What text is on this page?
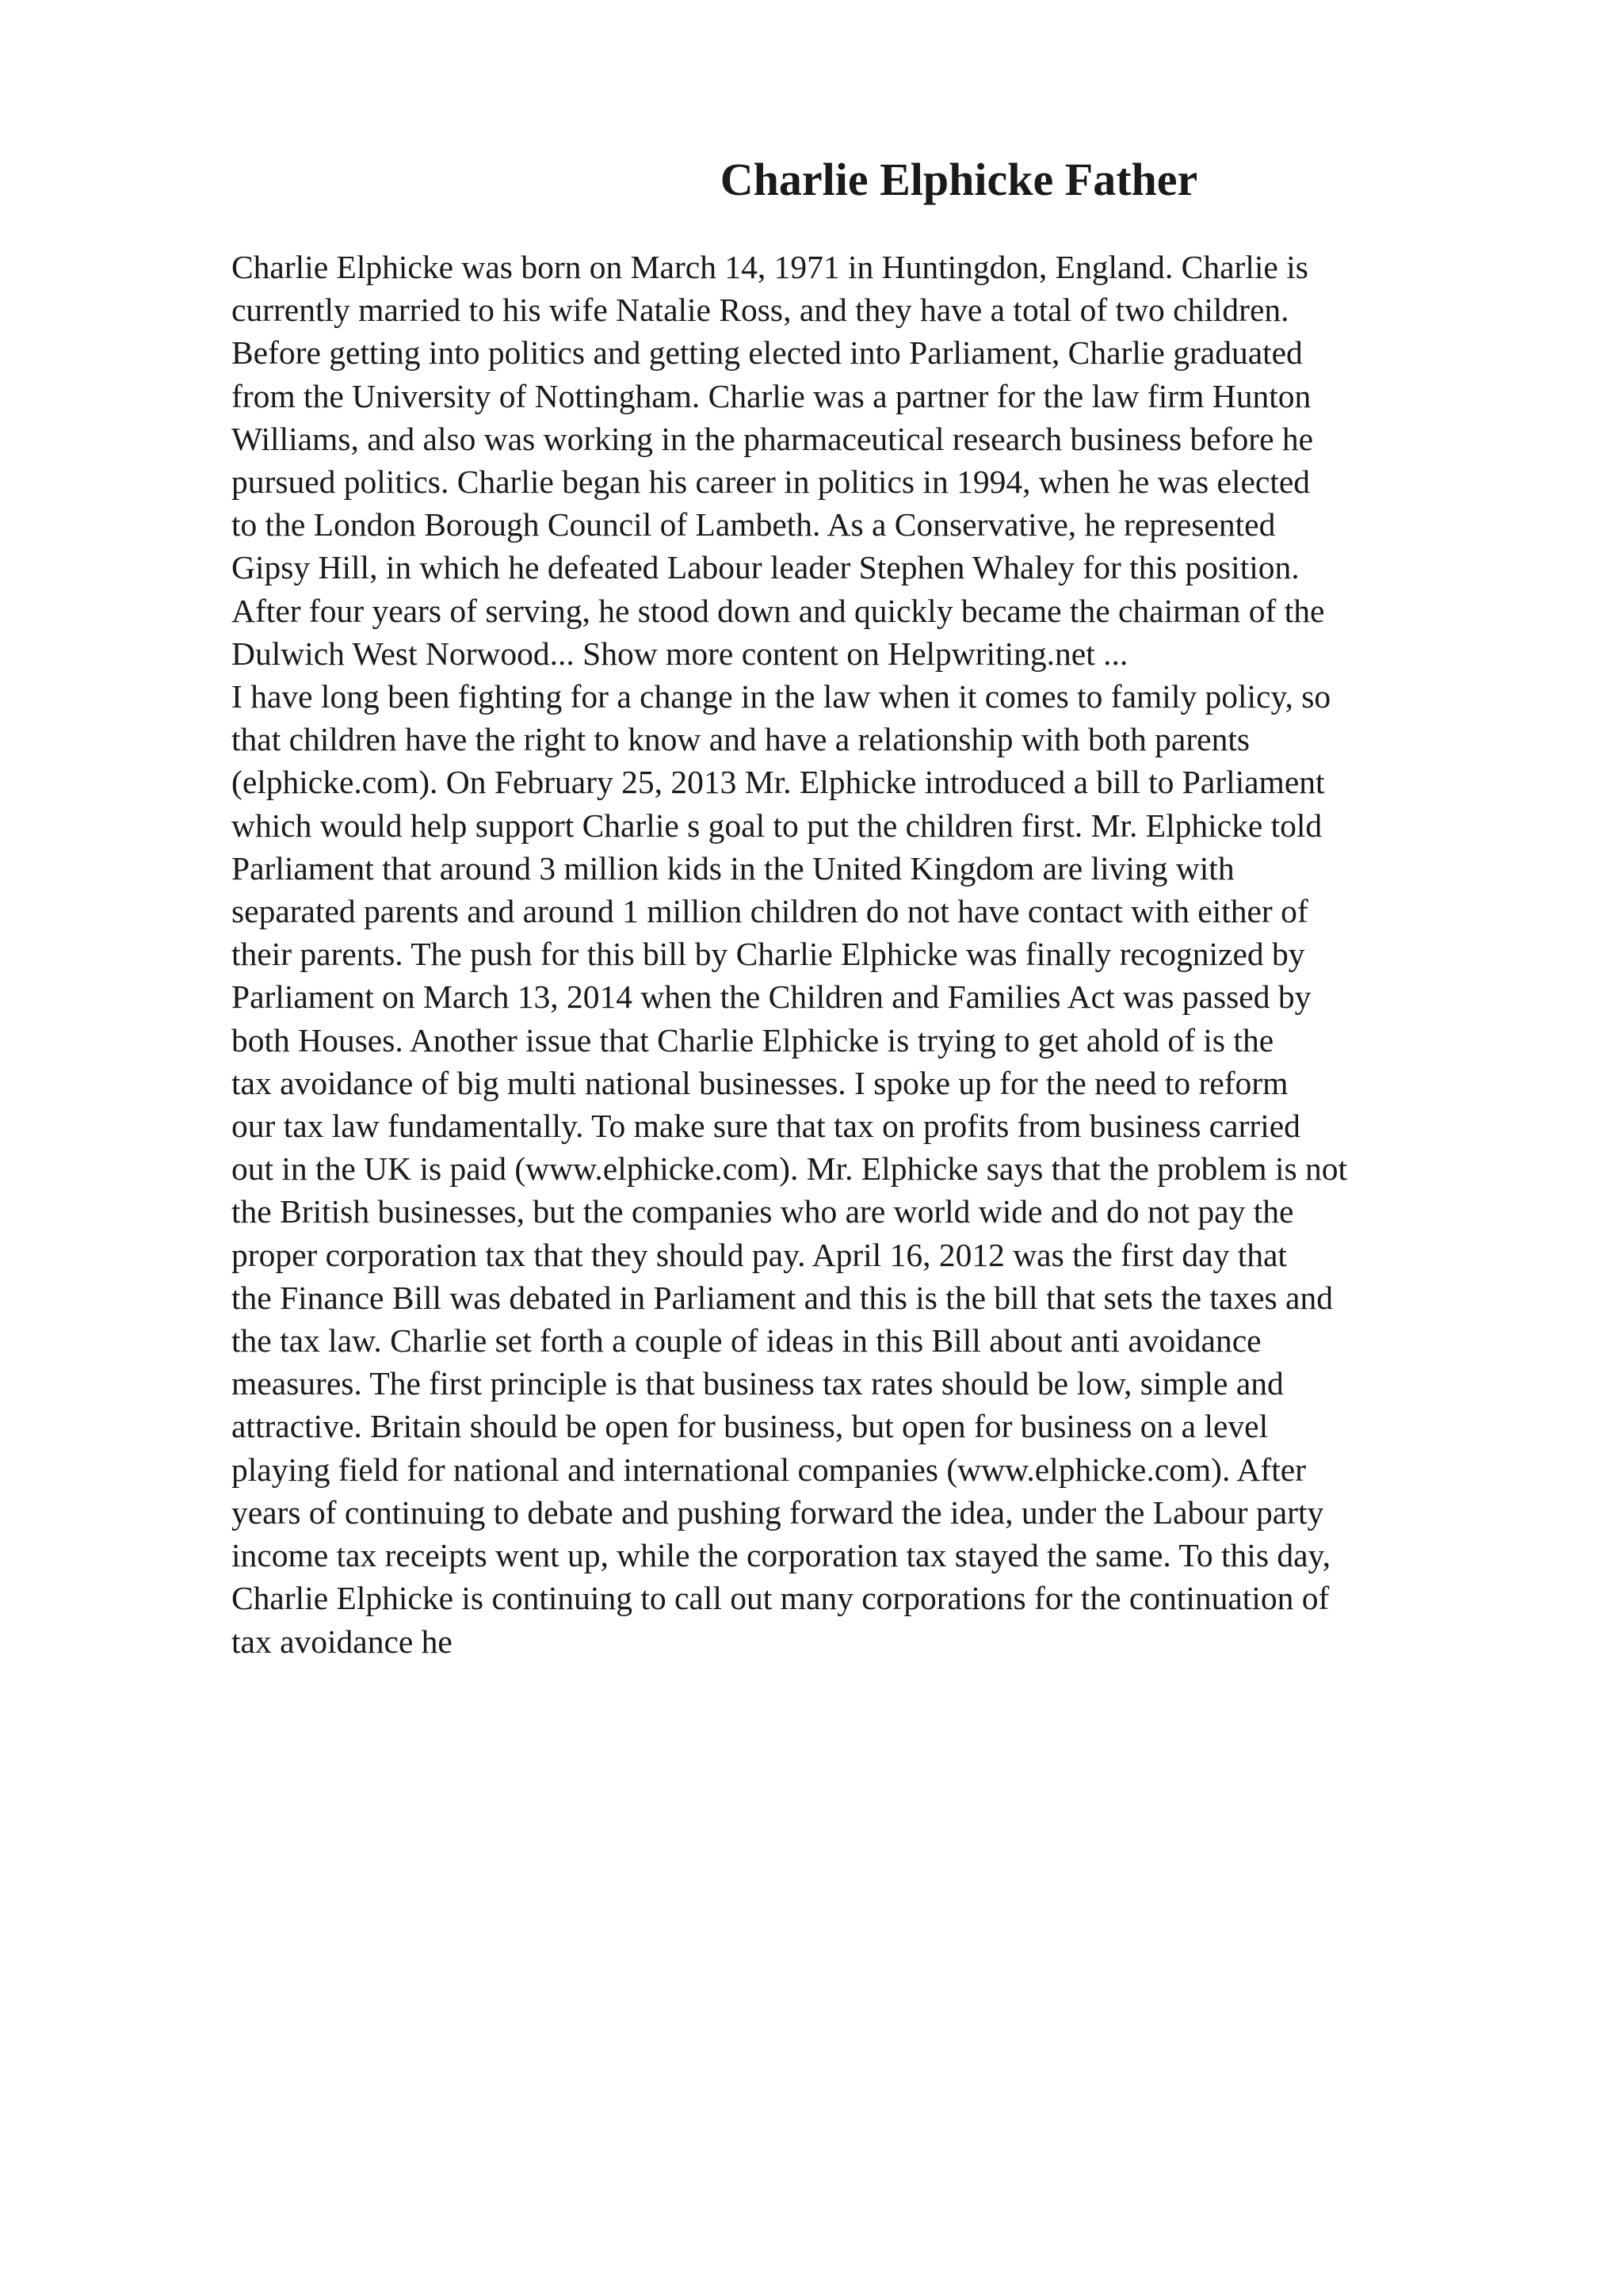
Charlie Elphicke Father
Charlie Elphicke was born on March 14, 1971 in Huntingdon, England. Charlie is
currently married to his wife Natalie Ross, and they have a total of two children.
Before getting into politics and getting elected into Parliament, Charlie graduated
from the University of Nottingham. Charlie was a partner for the law firm Hunton
Williams, and also was working in the pharmaceutical research business before he
pursued politics. Charlie began his career in politics in 1994, when he was elected
to the London Borough Council of Lambeth. As a Conservative, he represented
Gipsy Hill, in which he defeated Labour leader Stephen Whaley for this position.
After four years of serving, he stood down and quickly became the chairman of the
Dulwich West Norwood... Show more content on Helpwriting.net ...
I have long been fighting for a change in the law when it comes to family policy, so
that children have the right to know and have a relationship with both parents
(elphicke.com). On February 25, 2013 Mr. Elphicke introduced a bill to Parliament
which would help support Charlie s goal to put the children first. Mr. Elphicke told
Parliament that around 3 million kids in the United Kingdom are living with
separated parents and around 1 million children do not have contact with either of
their parents. The push for this bill by Charlie Elphicke was finally recognized by
Parliament on March 13, 2014 when the Children and Families Act was passed by
both Houses. Another issue that Charlie Elphicke is trying to get ahold of is the
tax avoidance of big multi national businesses. I spoke up for the need to reform
our tax law fundamentally. To make sure that tax on profits from business carried
out in the UK is paid (www.elphicke.com). Mr. Elphicke says that the problem is not
the British businesses, but the companies who are world wide and do not pay the
proper corporation tax that they should pay. April 16, 2012 was the first day that
the Finance Bill was debated in Parliament and this is the bill that sets the taxes and
the tax law. Charlie set forth a couple of ideas in this Bill about anti avoidance
measures. The first principle is that business tax rates should be low, simple and
attractive. Britain should be open for business, but open for business on a level
playing field for national and international companies (www.elphicke.com). After
years of continuing to debate and pushing forward the idea, under the Labour party
income tax receipts went up, while the corporation tax stayed the same. To this day,
Charlie Elphicke is continuing to call out many corporations for the continuation of
tax avoidance he
